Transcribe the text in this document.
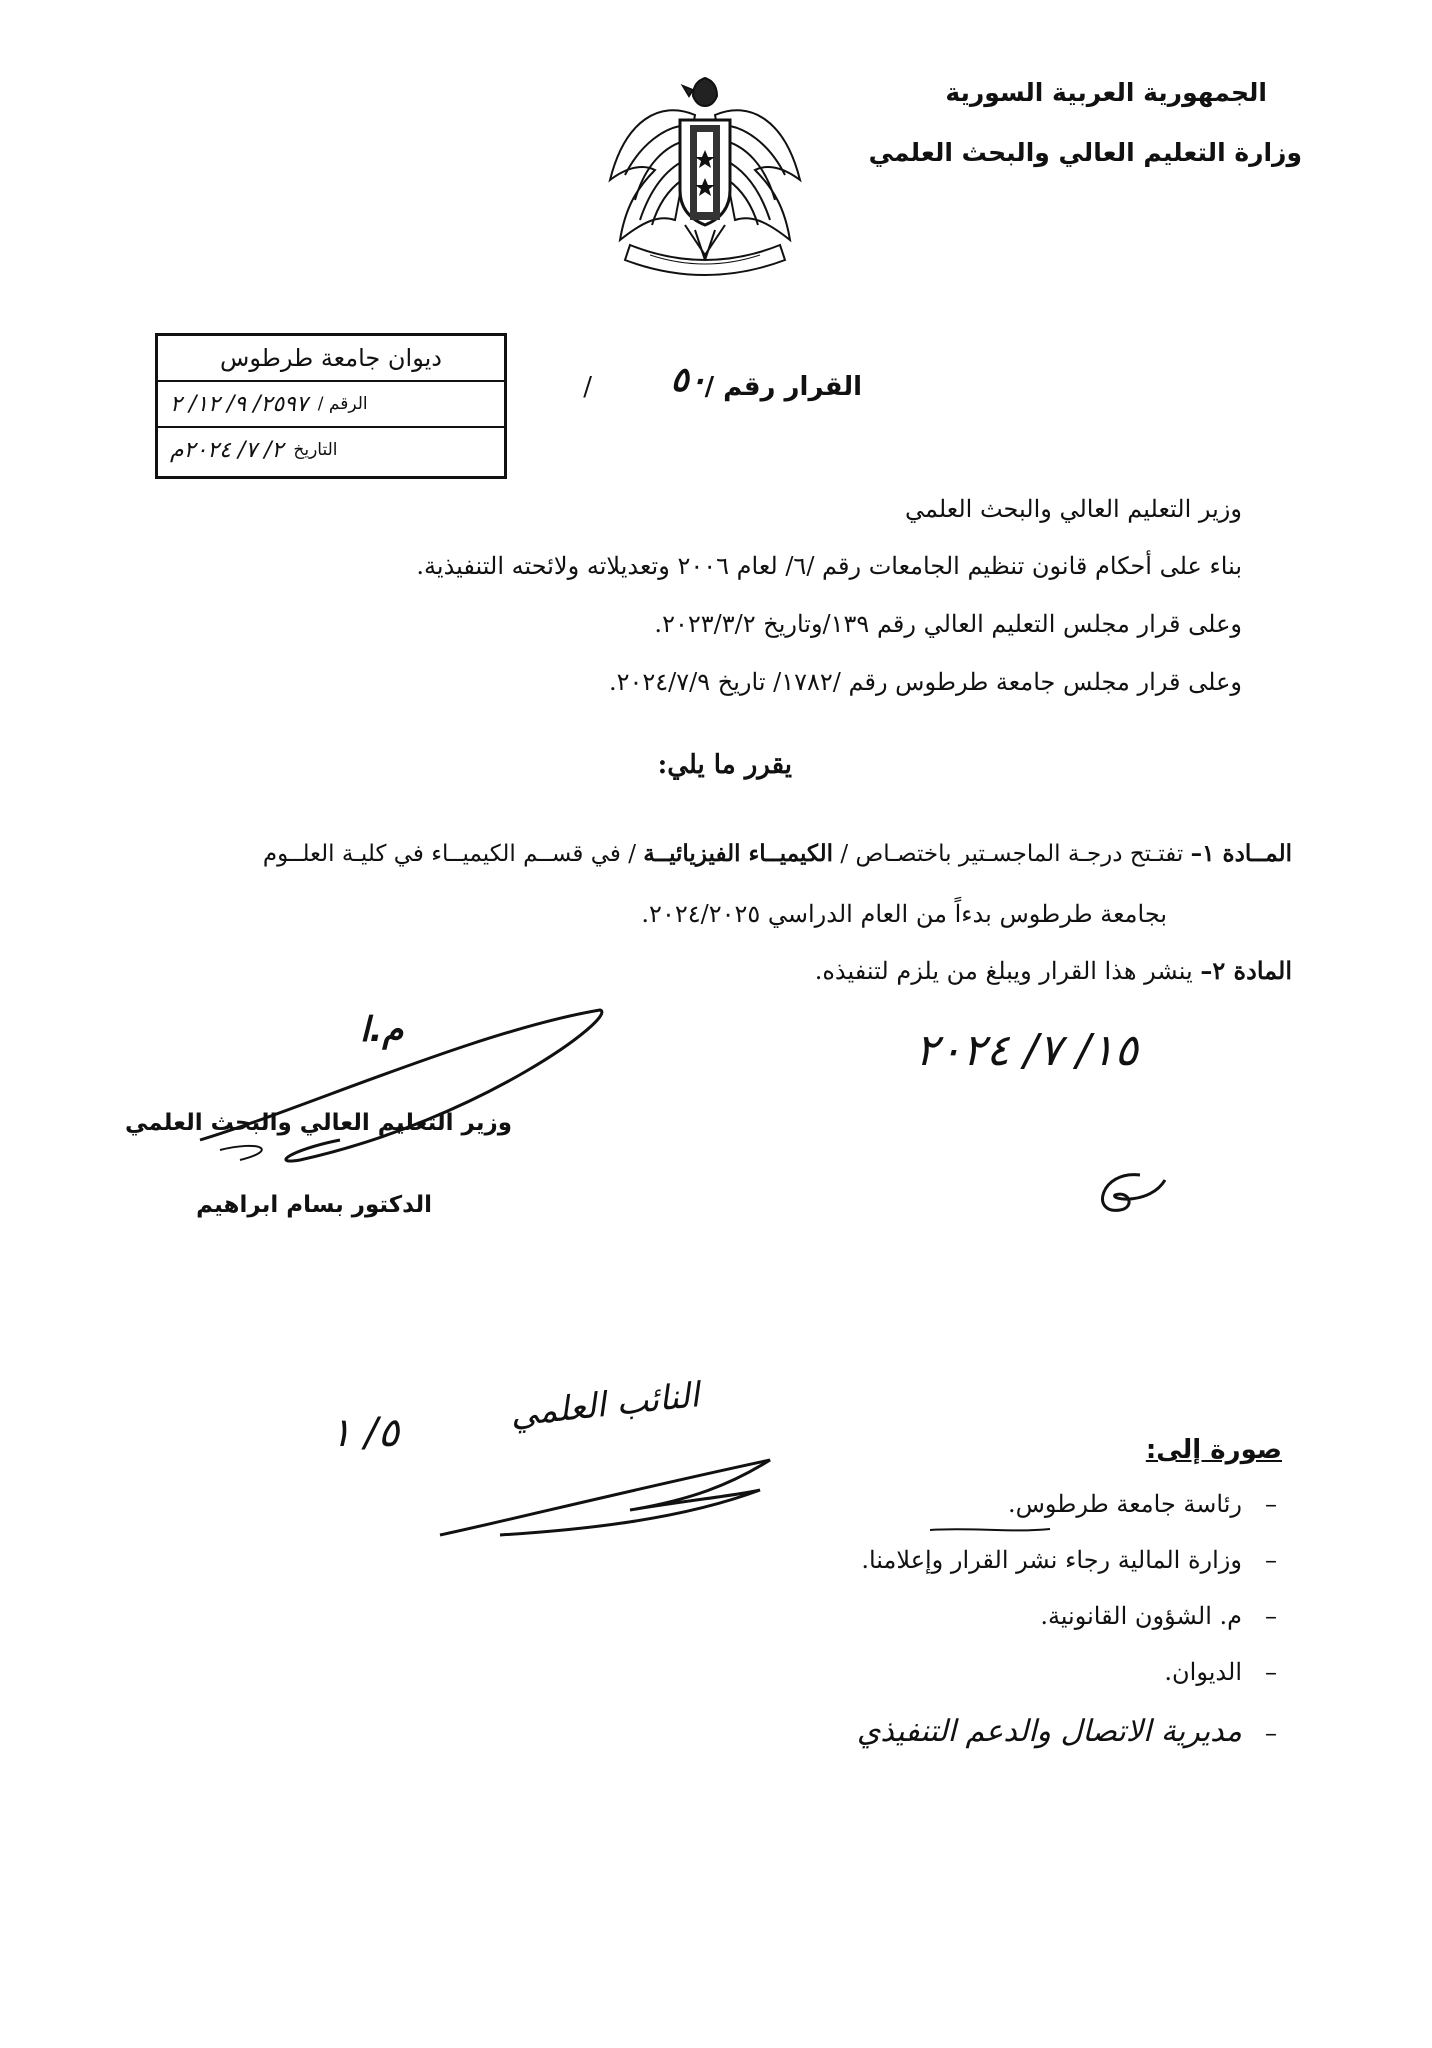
الجمهورية العربية السورية
وزارة التعليم العالي والبحث العلمي
ديوان جامعة طرطوس
الرقم /
٢٥٩٧/ ٩/ ١٢/ ٢
التاريخ
٢/ ٧/ ٢٠٢٤م
القرار رقم /
٥٠
/
وزير التعليم العالي والبحث العلمي
بناء على أحكام قانون تنظيم الجامعات رقم /٦/ لعام ٢٠٠٦ وتعديلاته ولائحته التنفيذية.
وعلى قرار مجلس التعليم العالي رقم ١٣٩/وتاريخ ٢٠٢٣/٣/٢.
وعلى قرار مجلس جامعة طرطوس رقم /١٧٨٢/ تاريخ ٢٠٢٤/٧/٩.
يقرر ما يلي:
المــادة ١– تفتـتح درجـة الماجسـتير باختصـاص / الكيميــاء الفيزيائيــة / في قســم الكيميــاء في كليـة العلــوم
بجامعة طرطوس بدءاً من العام الدراسي ٢٠٢٤/٢٠٢٥.
المادة ٢– ينشر هذا القرار ويبلغ من يلزم لتنفيذه.
١٥/ ٧/ ٢٠٢٤
م.ا
وزير التعليم العالي والبحث العلمي
الدكتور بسام ابراهيم
النائب العلمي
٥/ ١	صورة إلى:
–
رئاسة جامعة طرطوس.
–
وزارة المالية رجاء نشر القرار وإعلامنا.
–
م. الشؤون القانونية.
–
الديوان.
–
مديرية الاتصال والدعم التنفيذي
